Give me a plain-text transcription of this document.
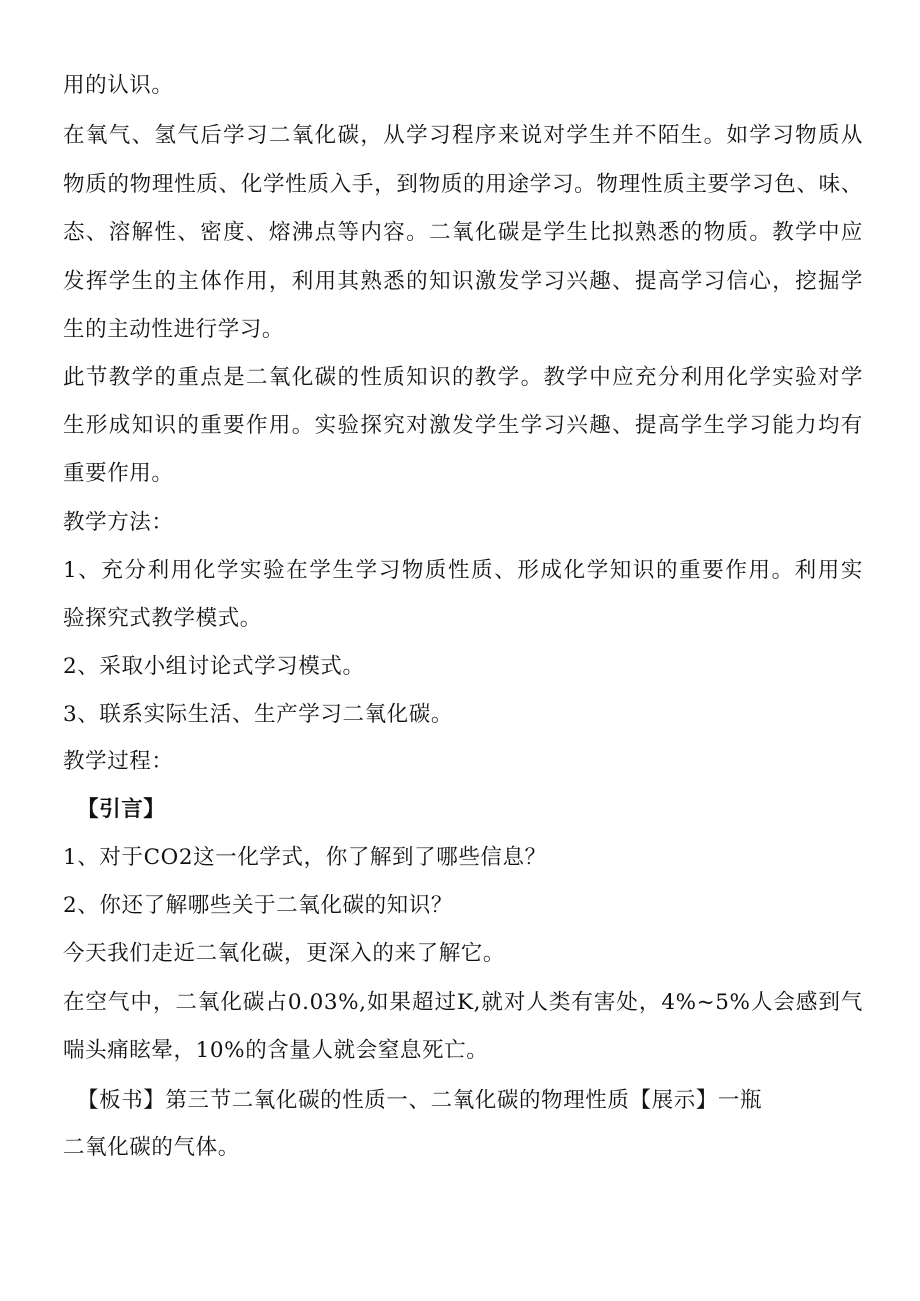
用的认识。
在氧气、氢气后学习二氧化碳，从学习程序来说对学生并不陌生。如学习物质从
物质的物理性质、化学性质入手，到物质的用途学习。物理性质主要学习色、味、
态、溶解性、密度、熔沸点等内容。二氧化碳是学生比拟熟悉的物质。教学中应
发挥学生的主体作用，利用其熟悉的知识激发学习兴趣、提高学习信心，挖掘学
生的主动性进行学习。
此节教学的重点是二氧化碳的性质知识的教学。教学中应充分利用化学实验对学
生形成知识的重要作用。实验探究对激发学生学习兴趣、提高学生学习能力均有
重要作用。
教学方法：
1、充分利用化学实验在学生学习物质性质、形成化学知识的重要作用。利用实
验探究式教学模式。
2、采取小组讨论式学习模式。
3、联系实际生活、生产学习二氧化碳。
教学过程：
【引言】
1、对于CO2这一化学式，你了解到了哪些信息？
2、你还了解哪些关于二氧化碳的知识？
今天我们走近二氧化碳，更深入的来了解它。
在空气中，二氧化碳占0.03%,如果超过K,就对人类有害处，4%~5%人会感到气
喘头痛眩晕，10%的含量人就会窒息死亡。
【板书】第三节二氧化碳的性质一、二氧化碳的物理性质【展示】一瓶
二氧化碳的气体。
